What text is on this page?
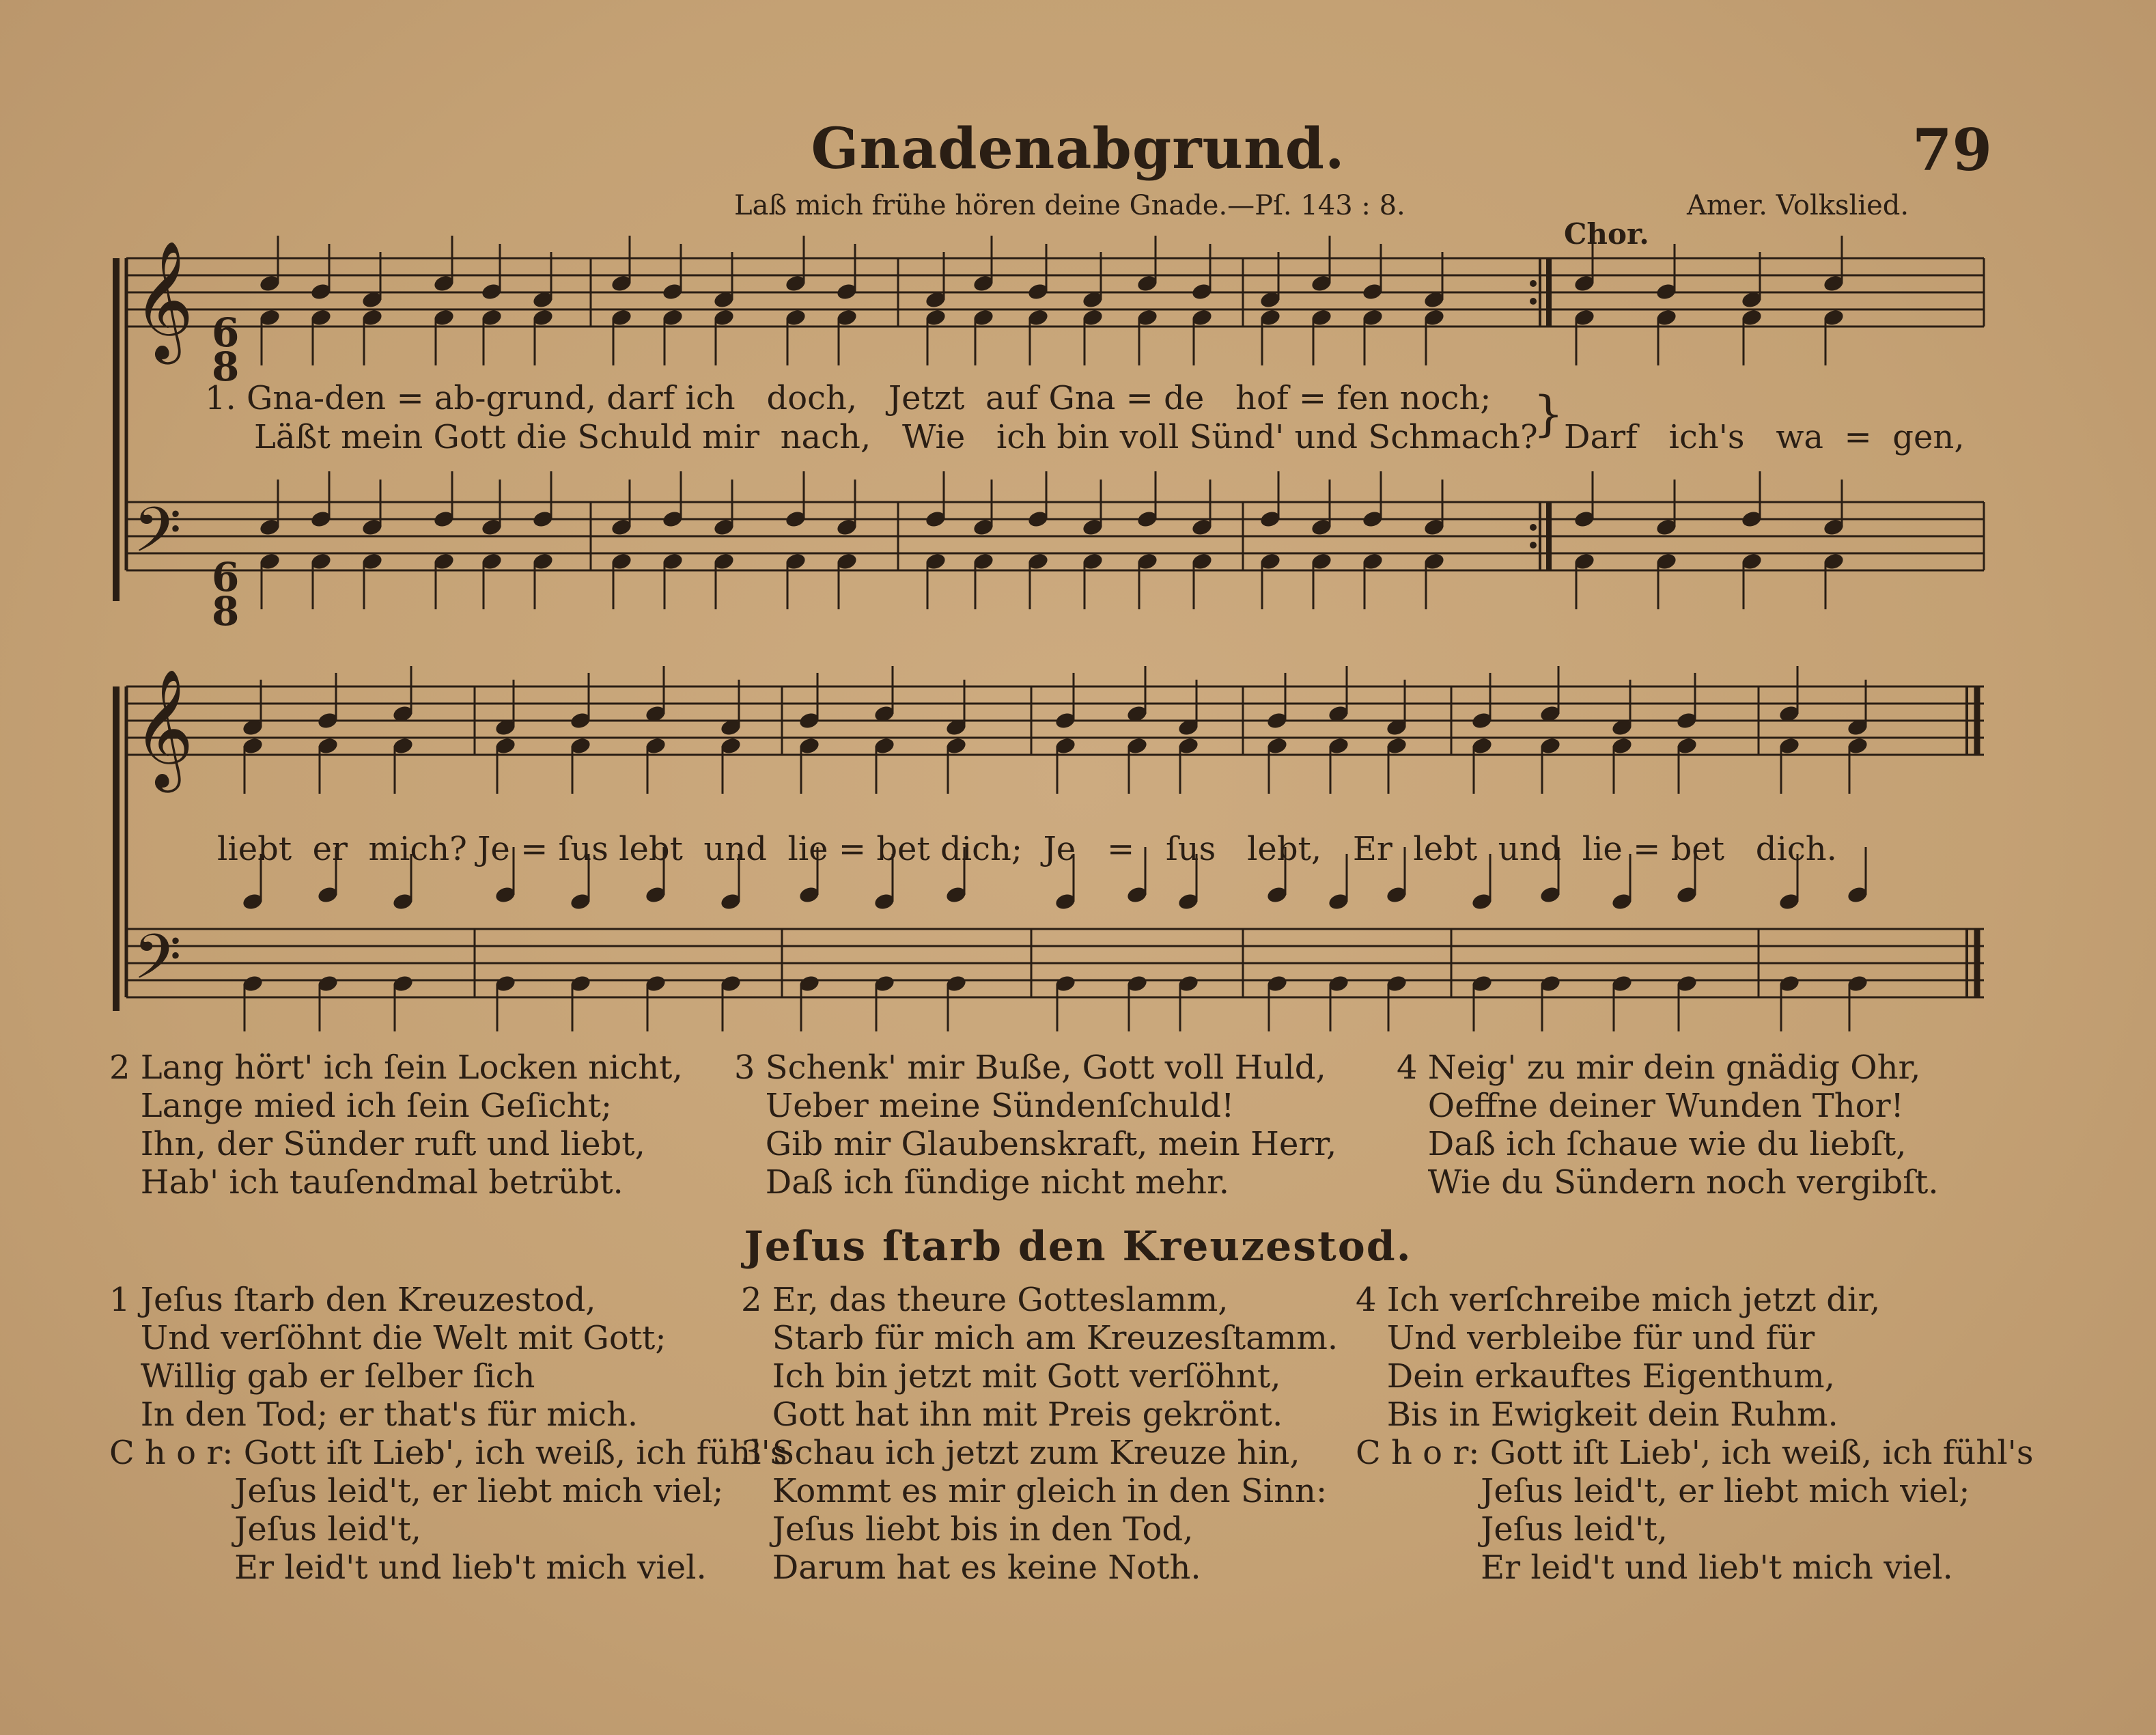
Gnadenabgrund.	79
Laß mich frühe hören deine Gnade.—Pſ. 143 : 8.	Amer. Volkslied.
Chor.
𝄞
𝄢
𝄞
𝄢

6
8

6
8

1. Gna-den = ab-grund, darf ich   doch,   Jetzt  auf Gna = de   hof = fen noch;
Läßt mein Gott die Schuld mir  nach,   Wie   ich bin voll Sünd' und Schmach?
} Darf   ich's   wa  =  gen,
liebt  er  mich? Je = ſus lebt  und  lie = bet dich;  Je   =   ſus   lebt,   Er  lebt  und  lie = bet   dich.
2 Lang hört' ich ſein Locken nicht,
Lange mied ich ſein Geſicht;
Ihn, der Sünder ruft und liebt,
Hab' ich tauſendmal betrübt.
3 Schenk' mir Buße, Gott voll Huld,
Ueber meine Sündenſchuld!
Gib mir Glaubenskraft, mein Herr,
Daß ich ſündige nicht mehr.
4 Neig' zu mir dein gnädig Ohr,
Oeffne deiner Wunden Thor!
Daß ich ſchaue wie du liebſt,
Wie du Sündern noch vergibſt.
Jeſus ſtarb den Kreuzestod.
1 Jeſus ſtarb den Kreuzestod,
Und verſöhnt die Welt mit Gott;
Willig gab er ſelber ſich
In den Tod; er that's für mich.
C h o r: Gott iſt Lieb', ich weiß, ich fühl's
Jeſus leid't, er liebt mich viel;
Jeſus leid't,
Er leid't und lieb't mich viel.
2 Er, das theure Gotteslamm,
Starb für mich am Kreuzesſtamm.
Ich bin jetzt mit Gott verſöhnt,
Gott hat ihn mit Preis gekrönt.
3 Schau ich jetzt zum Kreuze hin,
Kommt es mir gleich in den Sinn:
Jeſus liebt bis in den Tod,
Darum hat es keine Noth.
4 Ich verſchreibe mich jetzt dir,
Und verbleibe für und für
Dein erkauftes Eigenthum,
Bis in Ewigkeit dein Ruhm.
C h o r: Gott iſt Lieb', ich weiß, ich fühl's
Jeſus leid't, er liebt mich viel;
Jeſus leid't,
Er leid't und lieb't mich viel.
